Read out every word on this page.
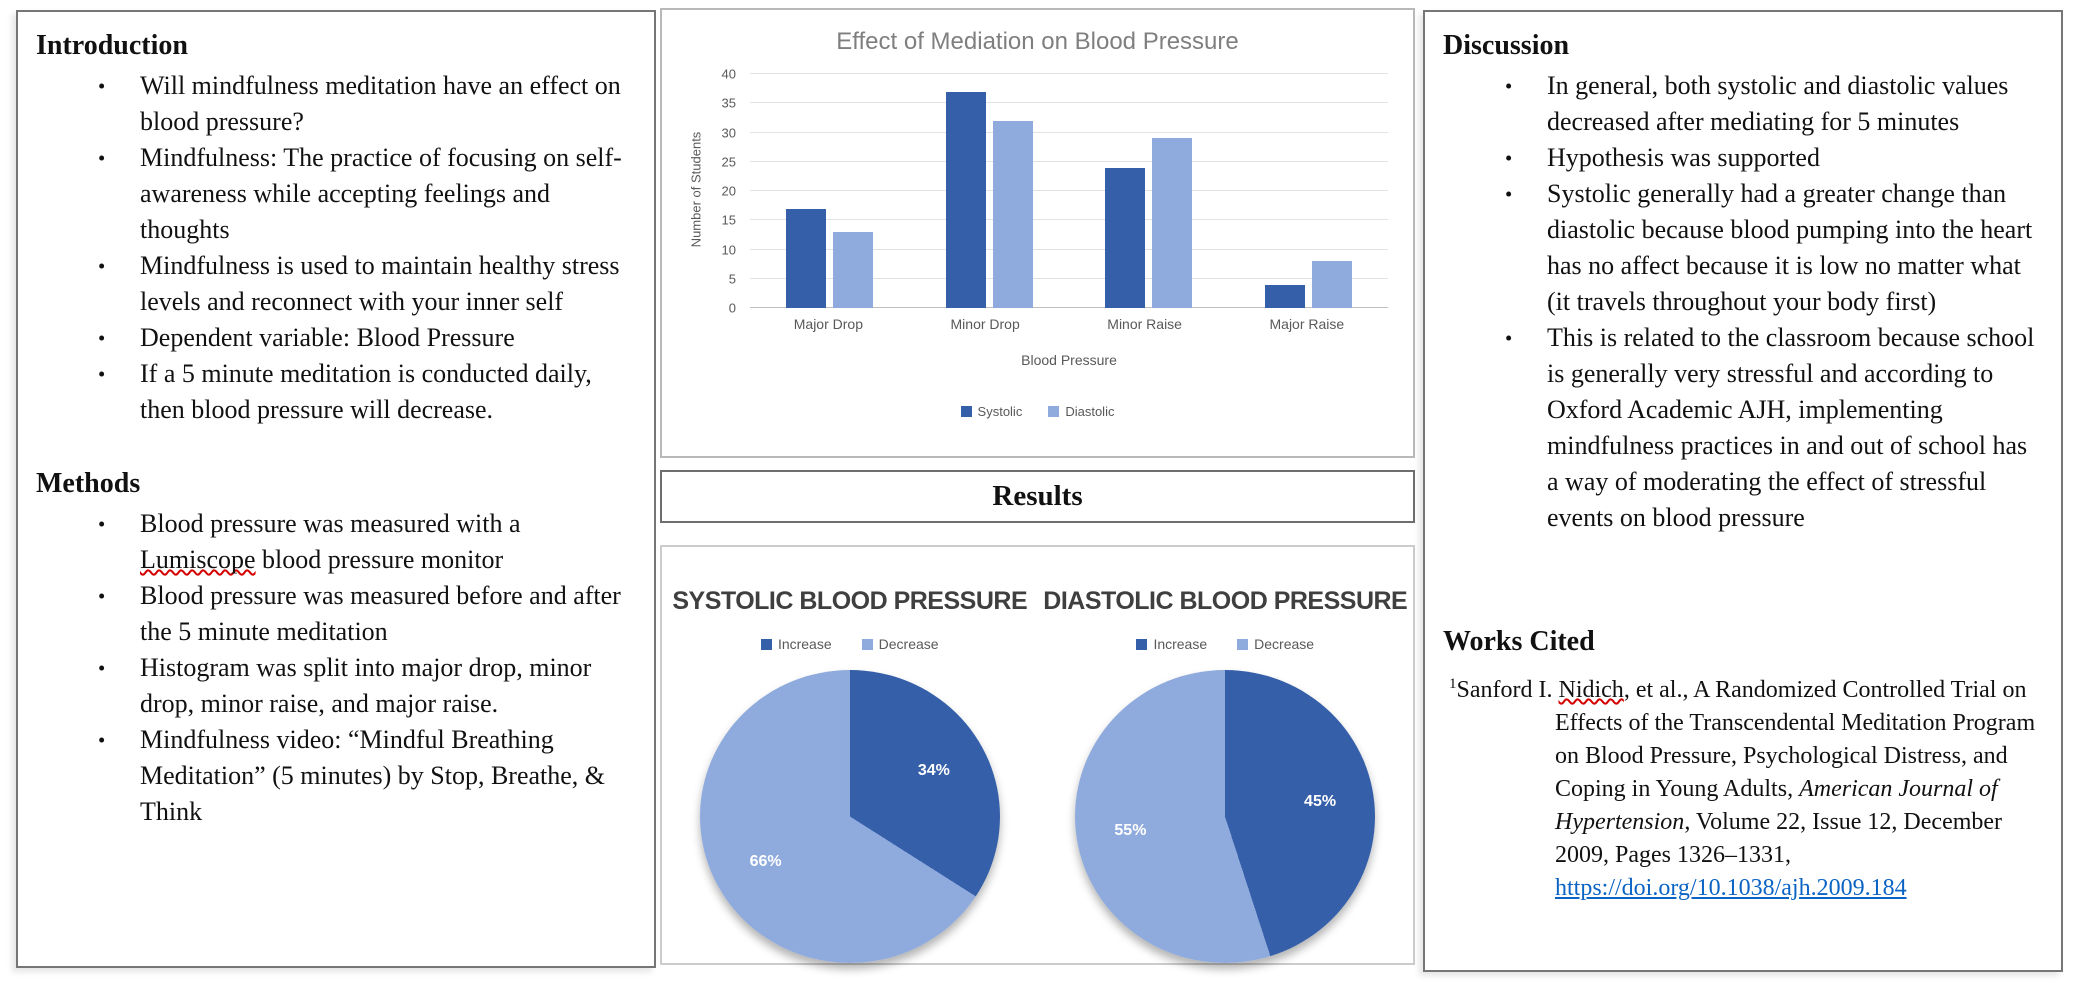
Introduction
•
Will mindfulness meditation have an effect on blood pressure?
•
Mindfulness: The practice of focusing on self-awareness while accepting feelings and thoughts
•
Mindfulness is used to maintain healthy stress levels and reconnect with your inner self
•
Dependent variable: Blood Pressure
•
If a 5 minute meditation is conducted daily, then blood pressure will decrease.
Methods
•
Blood pressure was measured with a Lumiscope blood pressure monitor
•
Blood pressure was measured before and after the 5 minute meditation
•
Histogram was split into major drop, minor drop, minor raise, and major raise.
•
Mindfulness video: “Mindful Breathing Meditation” (5 minutes) by Stop, Breathe, & Think
Effect of Mediation on Blood Pressure
Number of Students
0
5
10
15
20
25
30
35
40
Major Drop	Minor Drop	Minor Raise	Major Raise
Blood Pressure
Systolic	Diastolic
Results
SYSTOLIC BLOOD PRESSURE
Increase	Decrease
34%
66%
DIASTOLIC BLOOD PRESSURE
Increase	Decrease
45%
55%
Discussion
•
In general, both systolic and diastolic values decreased after mediating for 5 minutes
•
Hypothesis was supported
•
Systolic generally had a greater change than diastolic because blood pumping into the heart has no affect because it is low no matter what (it travels throughout your body first)
•
This is related to the classroom because school is generally very stressful and according to Oxford Academic AJH, implementing mindfulness practices in and out of school has a way of moderating the effect of stressful events on blood pressure
Works Cited

$^1$Sanford I. Nidich, et al., A Randomized Controlled Trial on Effects of the Transcendental Meditation Program on Blood Pressure, Psychological Distress, and Coping in Young Adults, American Journal of Hypertension, Volume 22, Issue 12, December 2009, Pages 1326–1331, https://doi.org/10.1038/ajh.2009.184
